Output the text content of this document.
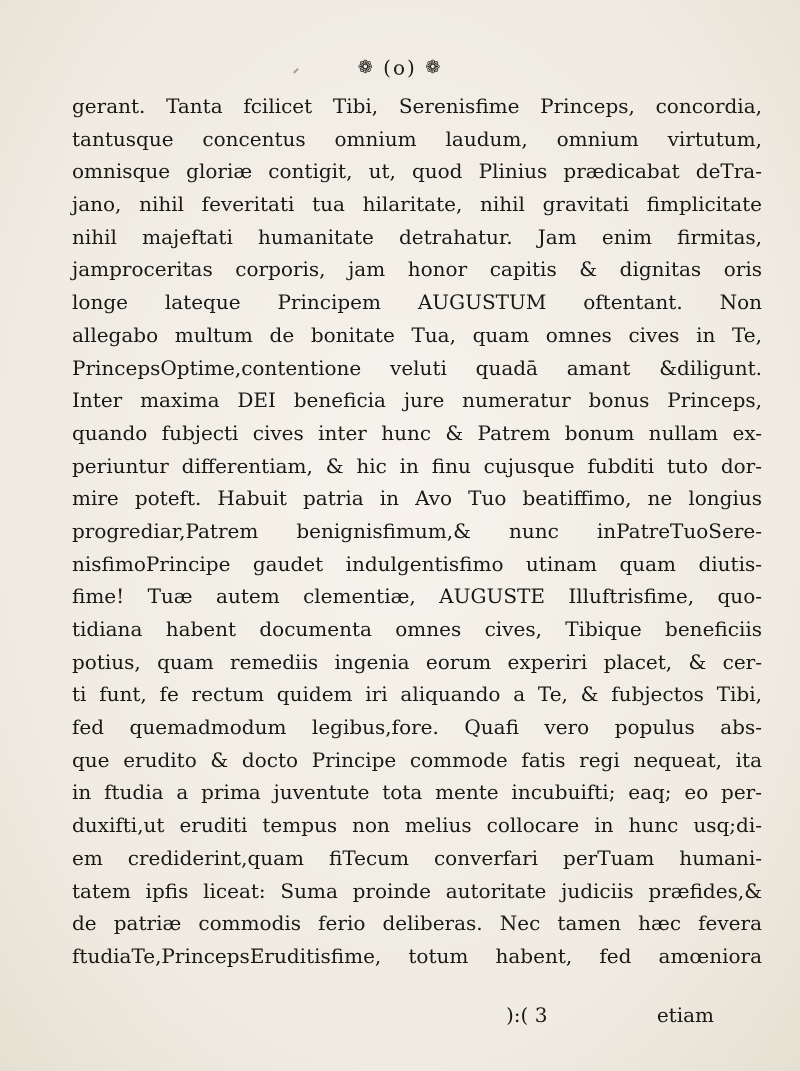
❁ (o) ❁
gerant. Tanta fcilicet Tibi, Serenisfime Princeps, concordia,
tantusque concentus omnium laudum, omnium virtutum,
omnisque gloriæ contigit, ut, quod Plinius prædicabat deTra-
jano, nihil feveritati tua hilaritate, nihil gravitati fimplicitate
nihil majeftati humanitate detrahatur. Jam enim firmitas,
jamproceritas corporis, jam honor capitis & dignitas oris
longe lateque Principem AUGUSTUM oftentant. Non
allegabo multum de bonitate Tua, quam omnes cives in Te,
PrincepsOptime,contentione veluti quadā amant &diligunt.
Inter maxima DEI beneficia jure numeratur bonus Princeps,
quando fubjecti cives inter hunc & Patrem bonum nullam ex-
periuntur differentiam, & hic in finu cujusque fubditi tuto dor-
mire poteft. Habuit patria in Avo Tuo beatiffimo, ne longius
progrediar,Patrem benignisfimum,& nunc inPatreTuoSere-
nisfimoPrincipe gaudet indulgentisfimo utinam quam diutis-
fime! Tuæ autem clementiæ, AUGUSTE Illuftrisfime, quo-
tidiana habent documenta omnes cives, Tibique beneficiis
potius, quam remediis ingenia eorum experiri placet, & cer-
ti funt, fe rectum quidem iri aliquando a Te, & fubjectos Tibi,
fed quemadmodum legibus,fore. Quafi vero populus abs-
que erudito & docto Principe commode fatis regi nequeat, ita
in ftudia a prima juventute tota mente incubuifti; eaq; eo per-
duxifti,ut eruditi tempus non melius collocare in hunc usq;di-
em crediderint,quam fiTecum converfari perTuam humani-
tatem ipfis liceat: Suma proinde autoritate judiciis præfides,&
de patriæ commodis ferio deliberas. Nec tamen hæc fevera
ftudiaTe,PrincepsEruditisfime, totum habent, fed amœniora
):( 3	etiam
